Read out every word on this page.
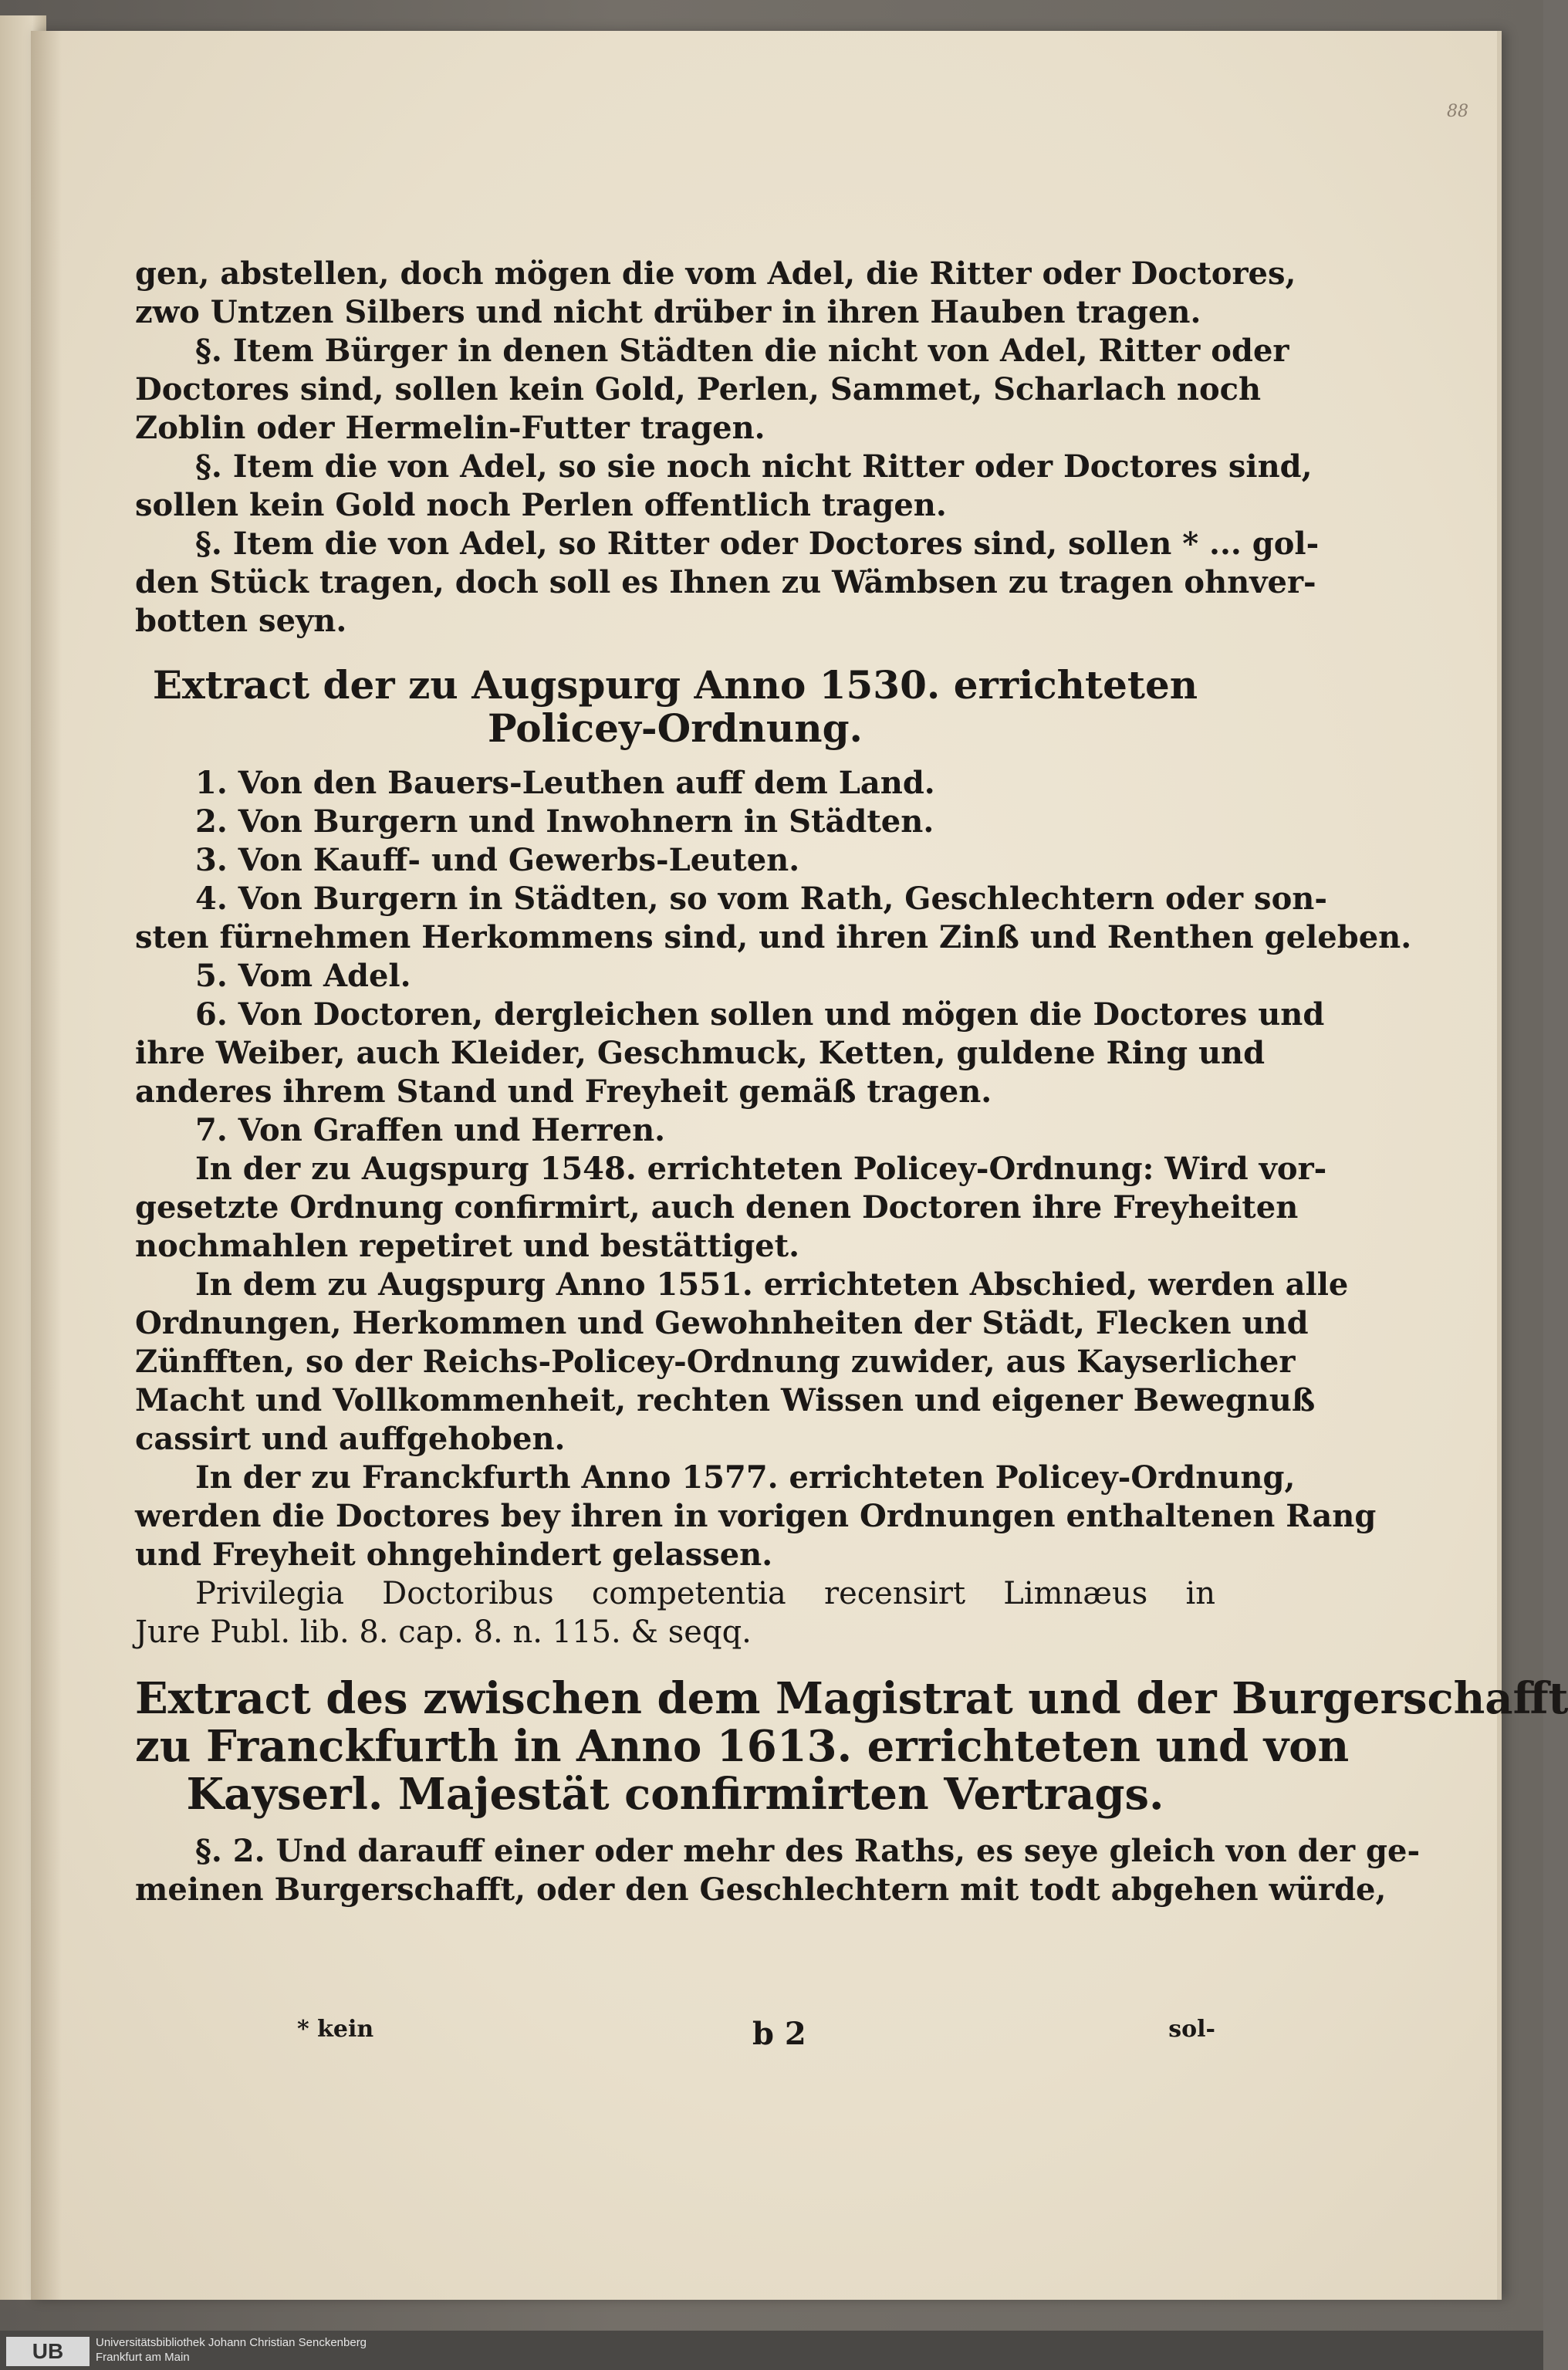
88
gen, abstellen, doch mögen die vom Adel, die Ritter oder Doctores,
zwo Untzen Silbers und nicht drüber in ihren Hauben tragen.
§. Item Bürger in denen Städten die nicht von Adel, Ritter oder
Doctores sind, sollen kein Gold, Perlen, Sammet, Scharlach noch
Zoblin oder Hermelin-Futter tragen.
§. Item die von Adel, so sie noch nicht Ritter oder Doctores sind,
sollen kein Gold noch Perlen offentlich tragen.
§. Item die von Adel, so Ritter oder Doctores sind, sollen * ... gol-
den Stück tragen, doch soll es Ihnen zu Wämbsen zu tragen ohnver-
botten seyn.
Extract der zu Augspurg Anno 1530. errichteten
Policey-Ordnung.
1. Von den Bauers-Leuthen auff dem Land.
2. Von Burgern und Inwohnern in Städten.
3. Von Kauff- und Gewerbs-Leuten.
4. Von Burgern in Städten, so vom Rath, Geschlechtern oder son-
sten fürnehmen Herkommens sind, und ihren Zinß und Renthen geleben.
5. Vom Adel.
6. Von Doctoren, dergleichen sollen und mögen die Doctores und
ihre Weiber, auch Kleider, Geschmuck, Ketten, guldene Ring und
anderes ihrem Stand und Freyheit gemäß tragen.
7. Von Graffen und Herren.
In der zu Augspurg 1548. errichteten Policey-Ordnung: Wird vor-
gesetzte Ordnung confirmirt, auch denen Doctoren ihre Freyheiten
nochmahlen repetiret und bestättiget.
In dem zu Augspurg Anno 1551. errichteten Abschied, werden alle
Ordnungen, Herkommen und Gewohnheiten der Städt, Flecken und
Zünfften, so der Reichs-Policey-Ordnung zuwider, aus Kayserlicher
Macht und Vollkommenheit, rechten Wissen und eigener Bewegnuß
cassirt und auffgehoben.
In der zu Franckfurth Anno 1577. errichteten Policey-Ordnung,
werden die Doctores bey ihren in vorigen Ordnungen enthaltenen Rang
und Freyheit ohngehindert gelassen.
Privilegia Doctoribus competentia recensirt Limnæus in
Jure Publ. lib. 8. cap. 8. n. 115. & seqq.
Extract des zwischen dem Magistrat und der Burgerschafft
zu Franckfurth in Anno 1613. errichteten und von
Kayserl. Majestät confirmirten Vertrags.
§. 2. Und darauff einer oder mehr des Raths, es seye gleich von der ge-
meinen Burgerschafft, oder den Geschlechtern mit todt abgehen würde,
* kein	b 2	sol-
UB	Universitätsbibliothek Johann Christian Senckenberg
Frankfurt am Main
